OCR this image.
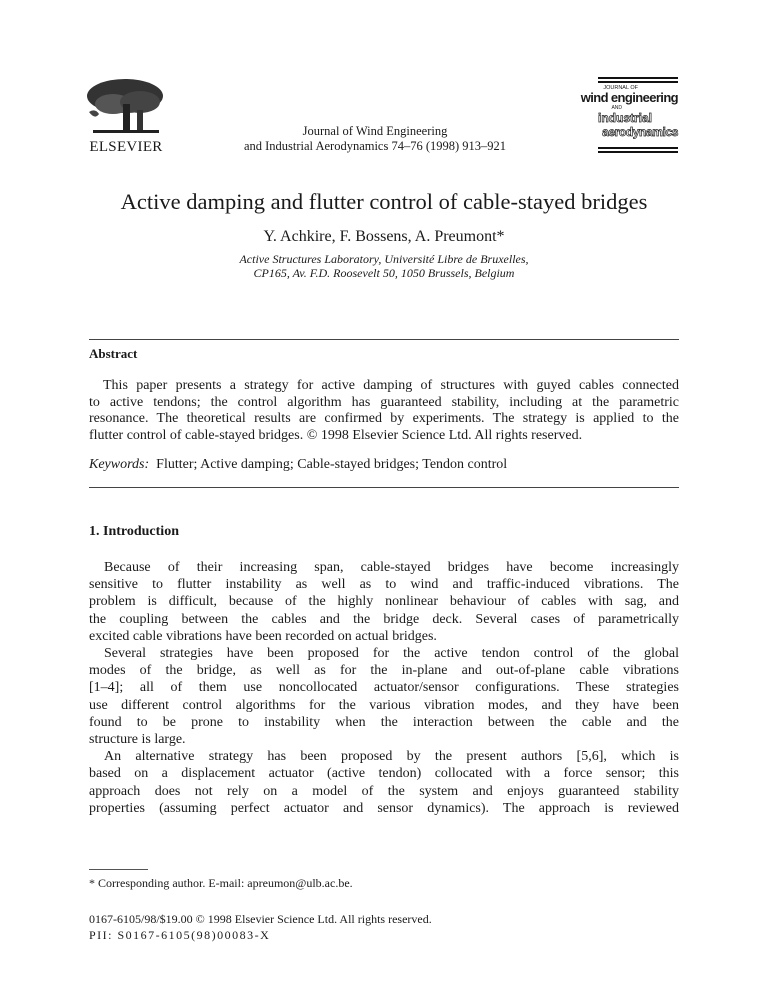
ELSEVIER
Journal of Wind Engineering
and Industrial Aerodynamics 74–76 (1998) 913–921
JOURNAL OF
wind engineering
AND
industrial
aerodynamics
Active damping and flutter control of cable-stayed bridges
Y. Achkire, F. Bossens, A. Preumont*
Active Structures Laboratory, Université Libre de Bruxelles,
CP165, Av. F.D. Roosevelt 50, 1050 Brussels, Belgium
Abstract
This paper presents a strategy for active damping of structures with guyed cables connected
to active tendons; the control algorithm has guaranteed stability, including at the parametric
resonance. The theoretical results are confirmed by experiments. The strategy is applied to the
flutter control of cable-stayed bridges. © 1998 Elsevier Science Ltd. All rights reserved.
Keywords: Flutter; Active damping; Cable-stayed bridges; Tendon control
1. Introduction
Because of their increasing span, cable-stayed bridges have become increasingly
sensitive to flutter instability as well as to wind and traffic-induced vibrations. The
problem is difficult, because of the highly nonlinear behaviour of cables with sag, and
the coupling between the cables and the bridge deck. Several cases of parametrically
excited cable vibrations have been recorded on actual bridges.
Several strategies have been proposed for the active tendon control of the global
modes of the bridge, as well as for the in-plane and out-of-plane cable vibrations
[1–4]; all of them use noncollocated actuator/sensor configurations. These strategies
use different control algorithms for the various vibration modes, and they have been
found to be prone to instability when the interaction between the cable and the
structure is large.
An alternative strategy has been proposed by the present authors [5,6], which is
based on a displacement actuator (active tendon) collocated with a force sensor; this
approach does not rely on a model of the system and enjoys guaranteed stability
properties (assuming perfect actuator and sensor dynamics). The approach is reviewed
* Corresponding author. E-mail: apreumon@ulb.ac.be.
0167-6105/98/$19.00 © 1998 Elsevier Science Ltd. All rights reserved.
PII: S0167-6105(98)00083-X
